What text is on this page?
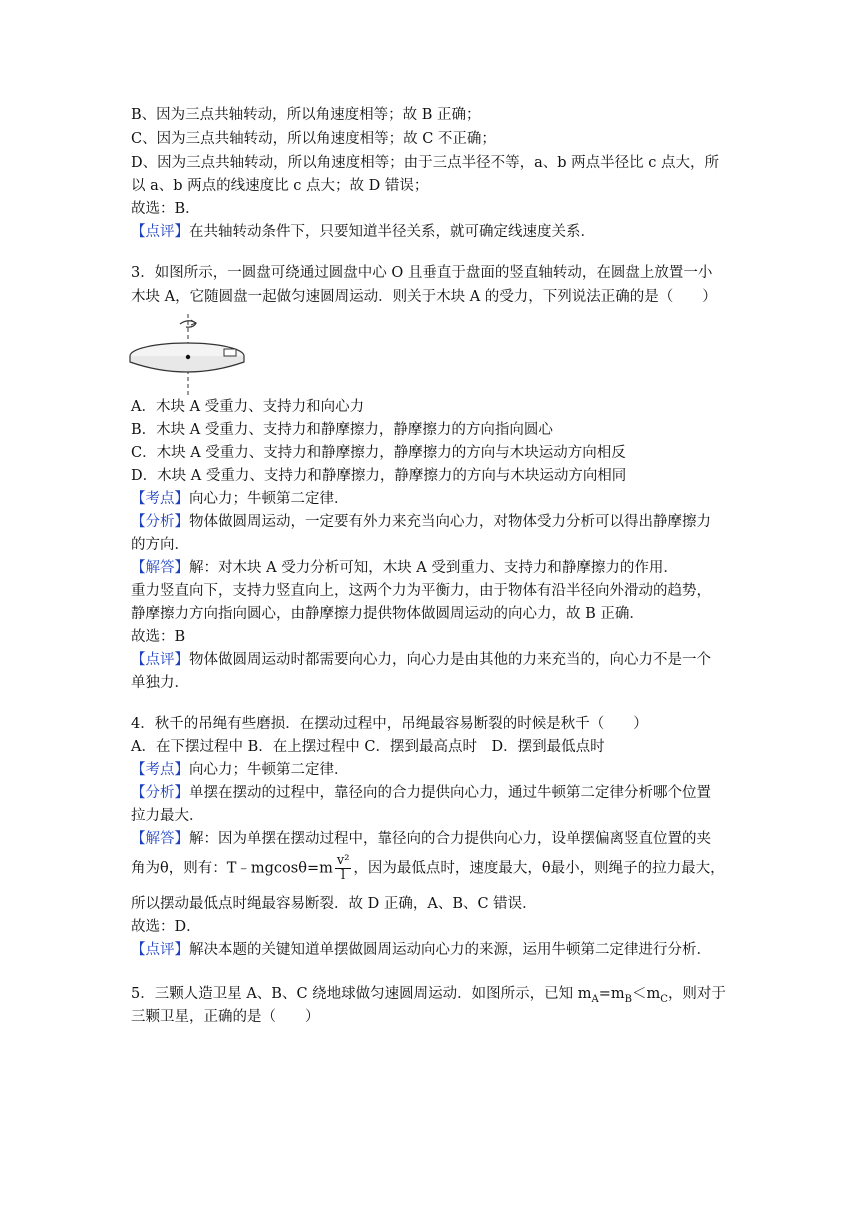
B、因为三点共轴转动，所以角速度相等；故 B 正确；
C、因为三点共轴转动，所以角速度相等；故 C 不正确；
D、因为三点共轴转动，所以角速度相等；由于三点半径不等，a、b 两点半径比 c 点大，所
以 a、b 两点的线速度比 c 点大；故 D 错误；
故选：B．
【点评】在共轴转动条件下，只要知道半径关系，就可确定线速度关系．
3．如图所示，一圆盘可绕通过圆盘中心 O 且垂直于盘面的竖直轴转动，在圆盘上放置一小
木块 A，它随圆盘一起做匀速圆周运动．则关于木块 A 的受力，下列说法正确的是（　　）
A．木块 A 受重力、支持力和向心力
B．木块 A 受重力、支持力和静摩擦力，静摩擦力的方向指向圆心
C．木块 A 受重力、支持力和静摩擦力，静摩擦力的方向与木块运动方向相反
D．木块 A 受重力、支持力和静摩擦力，静摩擦力的方向与木块运动方向相同
【考点】向心力；牛顿第二定律．
【分析】物体做圆周运动，一定要有外力来充当向心力，对物体受力分析可以得出静摩擦力
的方向．
【解答】解：对木块 A 受力分析可知，木块 A 受到重力、支持力和静摩擦力的作用．
重力竖直向下，支持力竖直向上，这两个力为平衡力，由于物体有沿半径向外滑动的趋势，
静摩擦力方向指向圆心，由静摩擦力提供物体做圆周运动的向心力，故 B 正确．
故选：B
【点评】物体做圆周运动时都需要向心力，向心力是由其他的力来充当的，向心力不是一个
单独力．
4．秋千的吊绳有些磨损．在摆动过程中，吊绳最容易断裂的时候是秋千（　　）
A．在下摆过程中 B．在上摆过程中 C．摆到最高点时　D．摆到最低点时
【考点】向心力；牛顿第二定律．
【分析】单摆在摆动的过程中，靠径向的合力提供向心力，通过牛顿第二定律分析哪个位置
拉力最大．
【解答】解：因为单摆在摆动过程中，靠径向的合力提供向心力，设单摆偏离竖直位置的夹
角为θ，则有：T﹣mgcosθ=m $\frac{\text{v²}}{l}$ ，因为最低点时，速度最大，θ最小，则绳子的拉力最大，
所以摆动最低点时绳最容易断裂．故 D 正确，A、B、C 错误．
故选：D．
【点评】解决本题的关键知道单摆做圆周运动向心力的来源，运用牛顿第二定律进行分析．
5．三颗人造卫星 A、B、C 绕地球做匀速圆周运动．如图所示，已知 $m_A=m_B<m_C$，则对于
三颗卫星，正确的是（　　）
